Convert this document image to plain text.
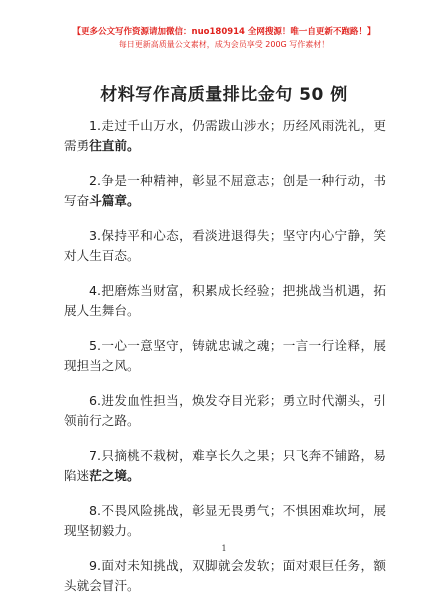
【更多公文写作资源请加微信：nuo180914 全网搜源！唯一自更新不跑路！】
每日更新高质量公文素材，成为会员享受 200G 写作素材！
材料写作高质量排比金句 50 例
1.走过千山万水，仍需跋山涉水；历经风雨洗礼，更需勇往直前。
2.争是一种精神，彰显不屈意志；创是一种行动，书写奋斗篇章。
3.保持平和心态，看淡进退得失；坚守内心宁静，笑对人生百态。
4.把磨炼当财富，积累成长经验；把挑战当机遇，拓展人生舞台。
5.一心一意坚守，铸就忠诚之魂；一言一行诠释，展现担当之风。
6.进发血性担当，焕发夺目光彩；勇立时代潮头，引领前行之路。
7.只摘桃不栽树，难享长久之果；只飞奔不铺路，易陷迷茫之境。
8.不畏风险挑战，彰显无畏勇气；不惧困难坎坷，展现坚韧毅力。
9.面对未知挑战，双脚就会发软；面对艰巨任务，额头就会冒汗。
1
